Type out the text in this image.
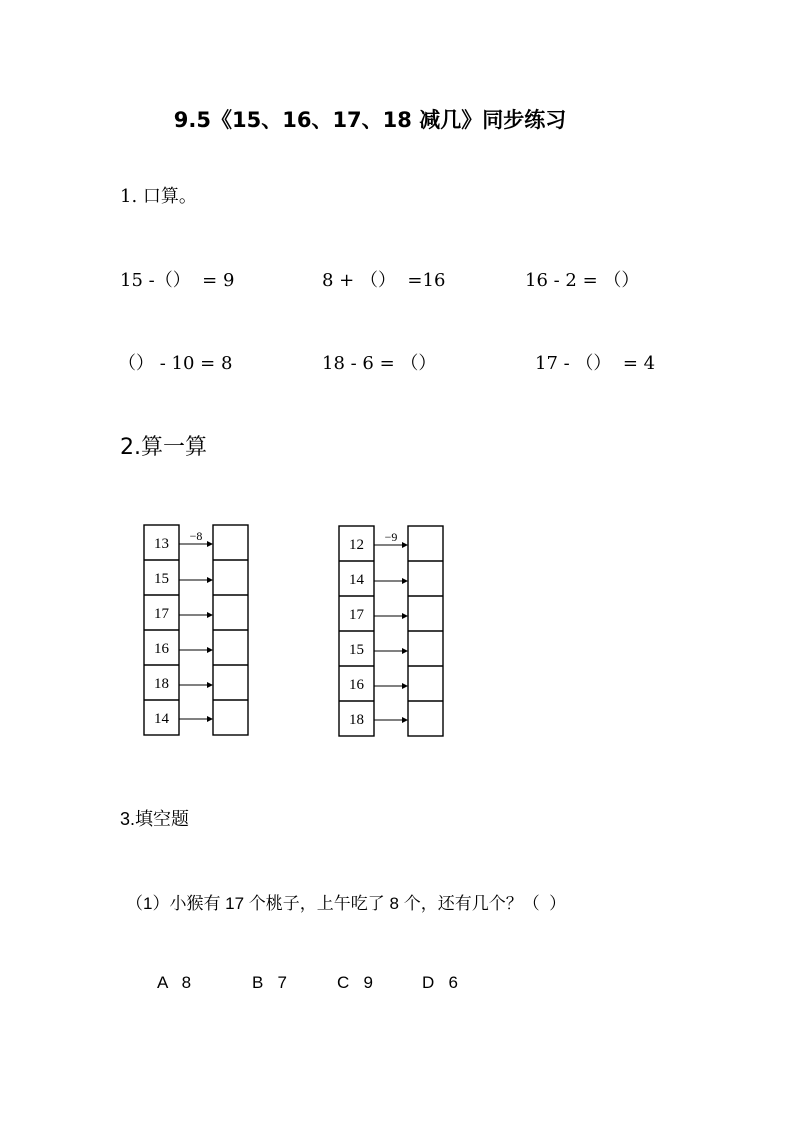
9.5《15、16、17、18 减几》同步练习
1. 口算。
15 -（）  = 9	8 + （）  =16	16 - 2 = （）
（） - 10 = 8	18 - 6 = （）	17 - （）  = 4
2.算一算
−8
13
15
17
16
18
14
−9
12
14
17
15
16
18
3.填空题
（1）小猴有 17 个桃子，上午吃了 8 个，还有几个？（  ）
A   8	B   7	C   9	D   6
